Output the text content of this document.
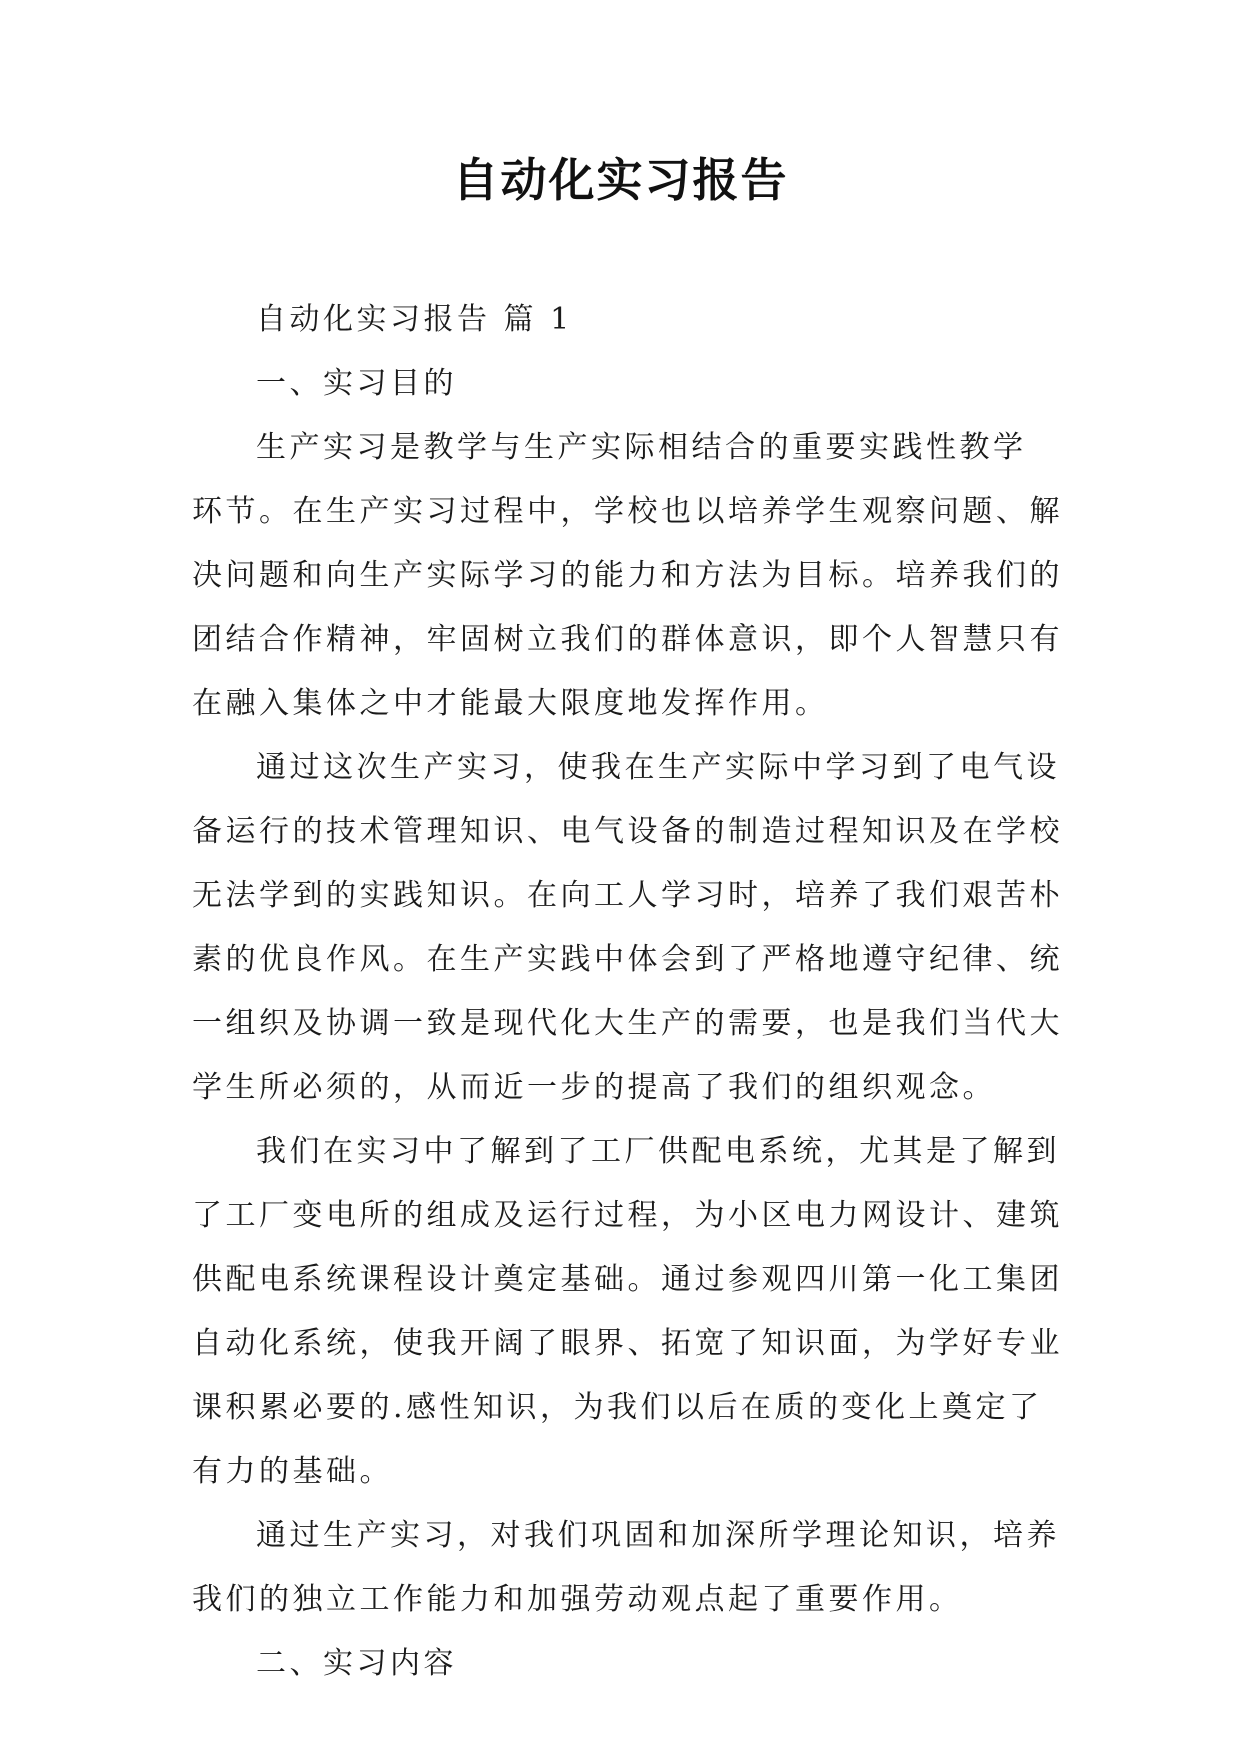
自动化实习报告

自动化实习报告 篇 1

一、实习目的

生产实习是教学与生产实际相结合的重要实践性教学

环节。在生产实习过程中，学校也以培养学生观察问题、解

决问题和向生产实际学习的能力和方法为目标。培养我们的

团结合作精神，牢固树立我们的群体意识，即个人智慧只有

在融入集体之中才能最大限度地发挥作用。

通过这次生产实习，使我在生产实际中学习到了电气设

备运行的技术管理知识、电气设备的制造过程知识及在学校

无法学到的实践知识。在向工人学习时，培养了我们艰苦朴

素的优良作风。在生产实践中体会到了严格地遵守纪律、统

一组织及协调一致是现代化大生产的需要，也是我们当代大

学生所必须的，从而近一步的提高了我们的组织观念。

我们在实习中了解到了工厂供配电系统，尤其是了解到

了工厂变电所的组成及运行过程，为小区电力网设计、建筑

供配电系统课程设计奠定基础。通过参观四川第一化工集团

自动化系统，使我开阔了眼界、拓宽了知识面，为学好专业

课积累必要的.感性知识，为我们以后在质的变化上奠定了

有力的基础。

通过生产实习，对我们巩固和加深所学理论知识，培养

我们的独立工作能力和加强劳动观点起了重要作用。

二、实习内容
